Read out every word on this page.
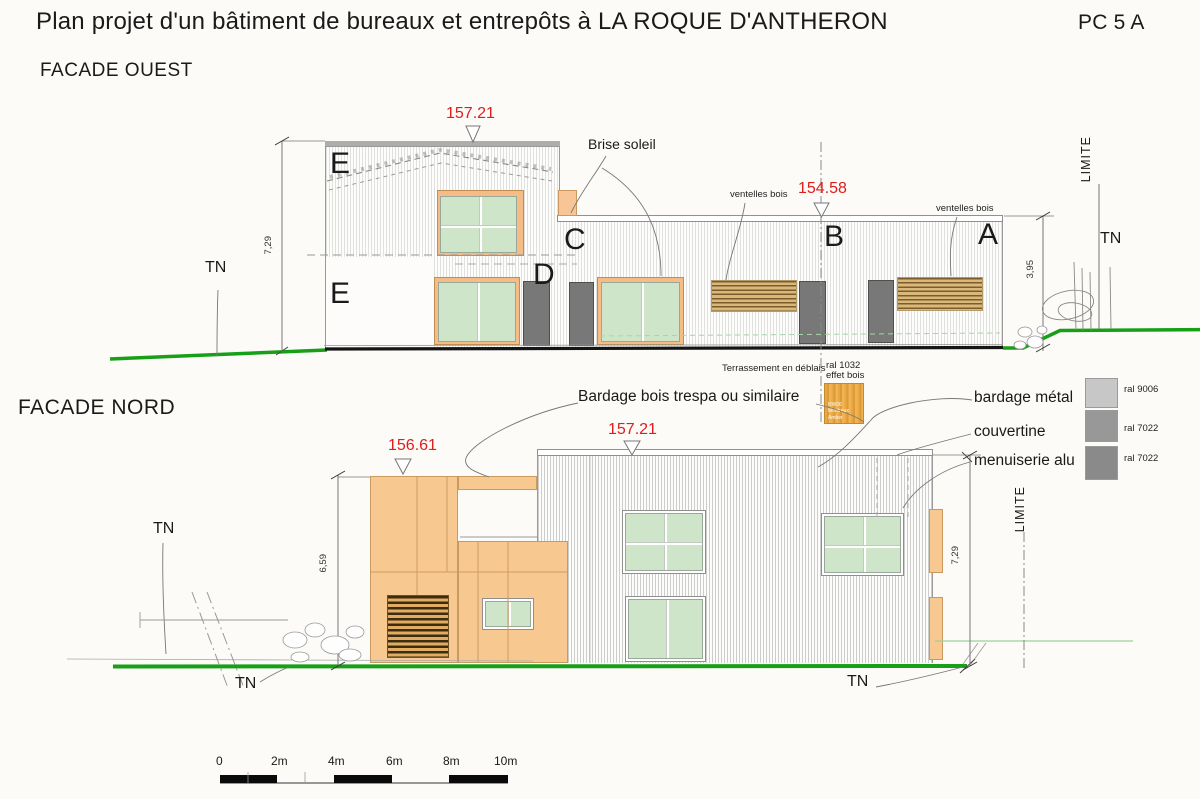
Plan projet d'un bâtiment de bureaux et entrepôts à LA ROQUE D'ANTHERON	PC 5 A
FACADE OUEST
NW06
Montreux Amber
157.21
154.58
E
E
C
D
B	A
Brise soleil
ventelles bois
ventelles bois
TN
TN
LIMITE
7,29
3,95
Terrassement en déblais ral 1032
effet bois
Bardage bois trespa ou similaire
FACADE NORD
156.61
157.21
TN
TN	TN
LIMITE
6,59	7,29
bardage métal	ral 9006
couvertine	ral 7022
menuiserie alu	ral 7022
0	2m	4m	6m	8m	10m
